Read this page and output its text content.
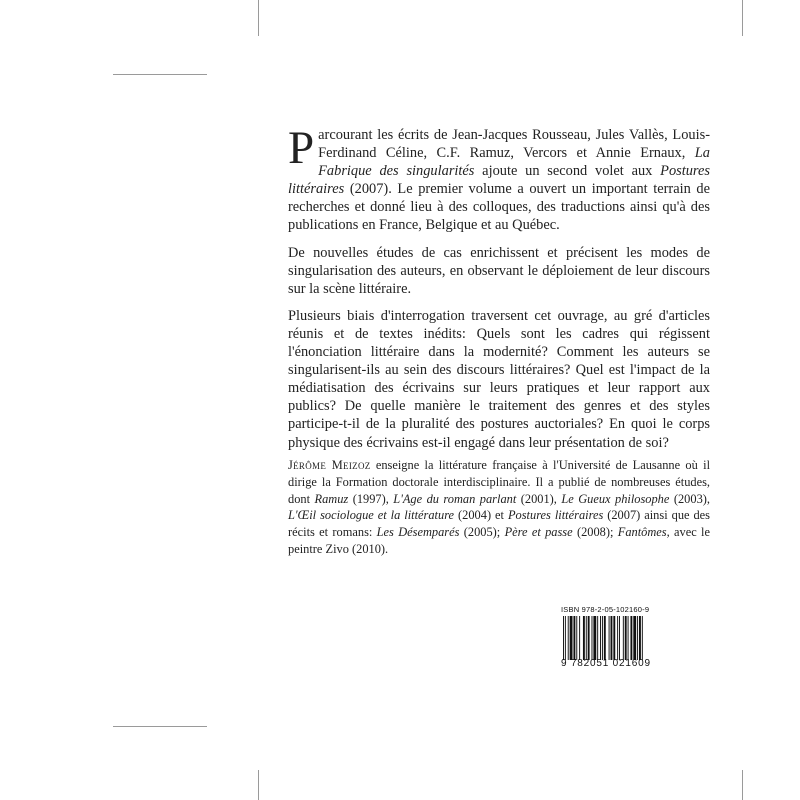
Parcourant les écrits de Jean-Jacques Rousseau, Jules Vallès, Louis-Ferdinand Céline, C.F. Ramuz, Vercors et Annie Ernaux, La Fabrique des singularités ajoute un second volet aux Postures littéraires (2007). Le premier volume a ouvert un important terrain de recherches et donné lieu à des colloques, des traductions ainsi qu'à des publications en France, Belgique et au Québec.

De nouvelles études de cas enrichissent et précisent les modes de singularisation des auteurs, en observant le déploiement de leur discours sur la scène littéraire.

Plusieurs biais d'interrogation traversent cet ouvrage, au gré d'articles réunis et de textes inédits: Quels sont les cadres qui régissent l'énonciation littéraire dans la modernité? Comment les auteurs se singularisent-ils au sein des discours littéraires? Quel est l'impact de la médiatisation des écrivains sur leurs pratiques et leur rapport aux publics? De quelle manière le traitement des genres et des styles participe-t-il de la pluralité des postures auctoriales? En quoi le corps physique des écrivains est-il engagé dans leur présentation de soi?

Jérôme Meizoz enseigne la littérature française à l'Université de Lausanne où il dirige la Formation doctorale interdisciplinaire. Il a publié de nombreuses études, dont Ramuz (1997), L'Age du roman parlant (2001), Le Gueux philosophe (2003), L'Œil sociologue et la littérature (2004) et Postures littéraires (2007) ainsi que des récits et romans: Les Désemparés (2005); Père et passe (2008); Fantômes, avec le peintre Zivo (2010).
ISBN 978-2-05-102160-9
9 782051 021609
